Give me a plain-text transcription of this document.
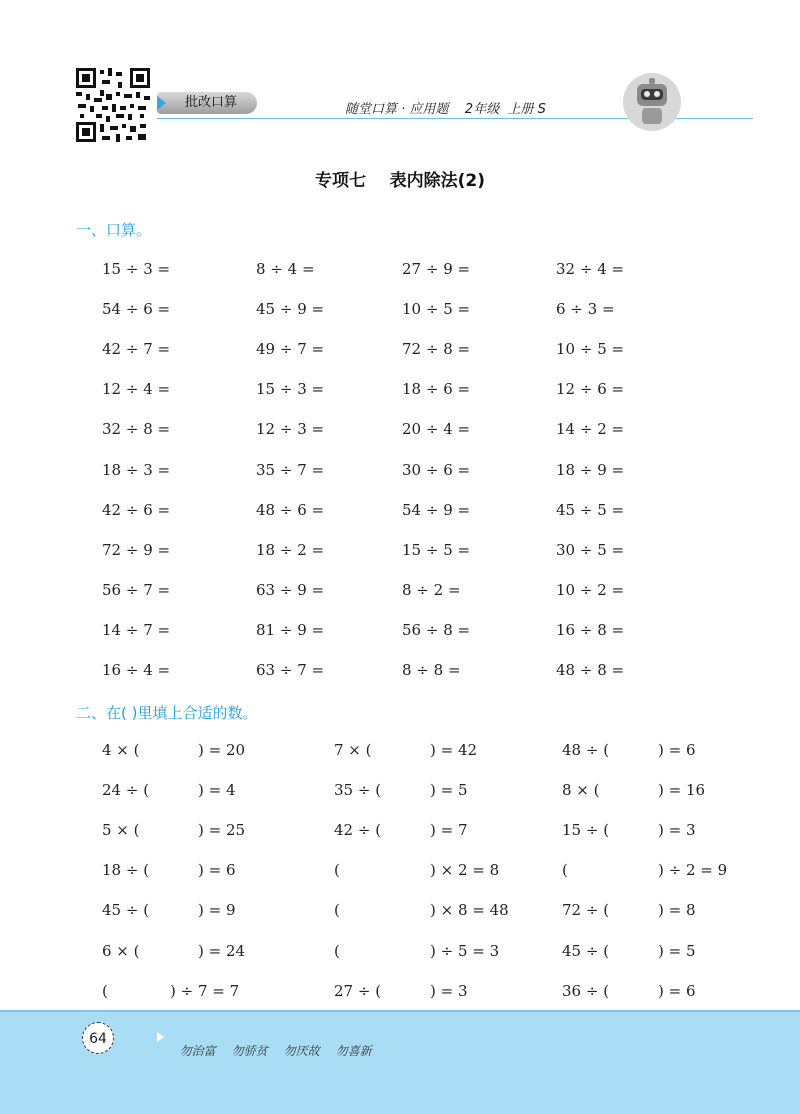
批改口算	随堂口算 · 应用题    2年级  上册 S
专项七    表内除法(2)
一、口算。
15 ÷ 3 =	8 ÷ 4 =	27 ÷ 9 =	32 ÷ 4 =
54 ÷ 6 =	45 ÷ 9 =	10 ÷ 5 =	6 ÷ 3 =
42 ÷ 7 =	49 ÷ 7 =	72 ÷ 8 =	10 ÷ 5 =
12 ÷ 4 =	15 ÷ 3 =	18 ÷ 6 =	12 ÷ 6 =
32 ÷ 8 =	12 ÷ 3 =	20 ÷ 4 =	14 ÷ 2 =
18 ÷ 3 =	35 ÷ 7 =	30 ÷ 6 =	18 ÷ 9 =
42 ÷ 6 =	48 ÷ 6 =	54 ÷ 9 =	45 ÷ 5 =
72 ÷ 9 =	18 ÷ 2 =	15 ÷ 5 =	30 ÷ 5 =
56 ÷ 7 =	63 ÷ 9 =	8 ÷ 2 =	10 ÷ 2 =
14 ÷ 7 =	81 ÷ 9 =	56 ÷ 8 =	16 ÷ 8 =
16 ÷ 4 =	63 ÷ 7 =	8 ÷ 8 =	48 ÷ 8 =
二、在( )里填上合适的数。
4 × (	) = 20	7 × (	) = 42	48 ÷ (	) = 6
24 ÷ (	) = 4	35 ÷ (	) = 5	8 × (	) = 16
5 × (	) = 25	42 ÷ (	) = 7	15 ÷ (	) = 3
18 ÷ (	) = 6	(	) × 2 = 8	(	) ÷ 2 = 9
45 ÷ (	) = 9	(	) × 8 = 48	72 ÷ (	) = 8
6 × (	) = 24	(	) ÷ 5 = 3	45 ÷ (	) = 5
(	) ÷ 7 = 7	27 ÷ (	) = 3	36 ÷ (	) = 6
64

勿治富 勿骄贫 勿厌故 勿喜新
